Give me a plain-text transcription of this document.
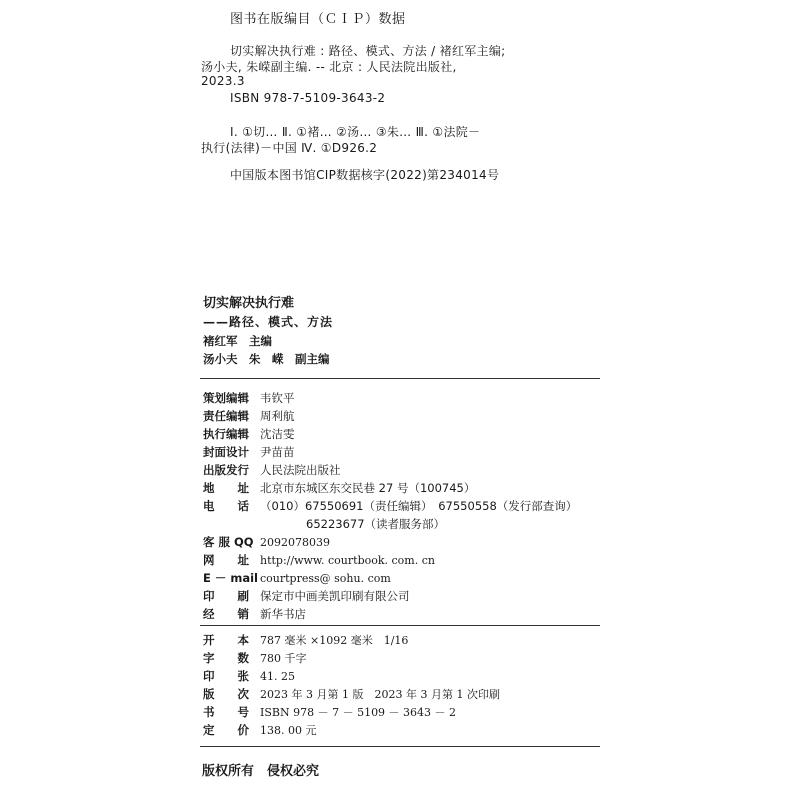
图书在版编目（ＣＩＰ）数据
切实解决执行难 : 路径、模式、方法 / 褚红军主编;
汤小夫, 朱嵘副主编. -- 北京 : 人民法院出版社,
2023.3
ISBN 978-7-5109-3643-2
Ⅰ. ①切… Ⅱ. ①褚… ②汤… ③朱… Ⅲ. ①法院－
执行(法律)－中国 Ⅳ. ①D926.2
中国版本图书馆CIP数据核字(2022)第234014号
切实解决执行难
——路径、模式、方法
褚红军　主编
汤小夫　朱　嵘　副主编
策划编辑 韦钦平
责任编辑 周利航
执行编辑 沈洁雯
封面设计 尹苗苗
出版发行 人民法院出版社
地　　址 北京市东城区东交民巷 27 号（100745）
电　　话 （010）67550691（责任编辑）　67550558（发行部查询）
65223677（读者服务部）
客 服 QQ 2092078039
网　　址 http://www. courtbook. com. cn
E － mail courtpress@ sohu. com
印　　刷 保定市中画美凯印刷有限公司
经　　销 新华书店
开　　本 787 毫米 ×1092 毫米　1/16
字　　数 780 千字
印　　张 41. 25
版　　次 2023 年 3 月第 1 版　2023 年 3 月第 1 次印刷
书　　号 ISBN 978 － 7 － 5109 － 3643 － 2
定　　价 138. 00 元
版权所有　侵权必究
